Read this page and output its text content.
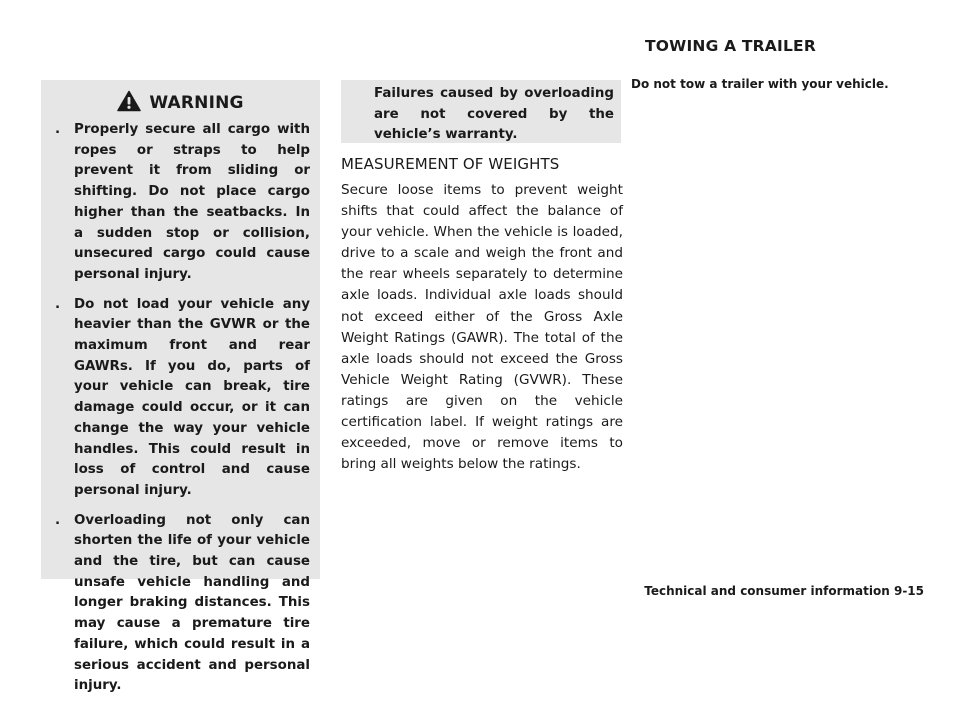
WARNING
. Properly secure all cargo with ropes or straps to help prevent it from sliding or shifting. Do not place cargo higher than the seatbacks. In a sudden stop or collision, unsecured cargo could cause personal injury.
. Do not load your vehicle any heavier than the GVWR or the maximum front and rear GAWRs. If you do, parts of your vehicle can break, tire damage could occur, or it can change the way your vehicle handles. This could result in loss of control and cause personal injury.
. Overloading not only can shorten the life of your vehicle and the tire, but can cause unsafe vehicle handling and longer braking distances. This may cause a premature tire failure, which could result in a serious accident and personal injury.

Failures caused by overloading are not covered by the vehicle’s warranty.

MEASUREMENT OF WEIGHTS

Secure loose items to prevent weight shifts that could affect the balance of your vehicle. When the vehicle is loaded, drive to a scale and weigh the front and the rear wheels separately to determine axle loads. Individual axle loads should not exceed either of the Gross Axle Weight Ratings (GAWR). The total of the axle loads should not exceed the Gross Vehicle Weight Rating (GVWR). These ratings are given on the vehicle certification label. If weight ratings are exceeded, move or remove items to bring all weights below the ratings.

TOWING A TRAILER

Do not tow a trailer with your vehicle.

Technical and consumer information 9-15
